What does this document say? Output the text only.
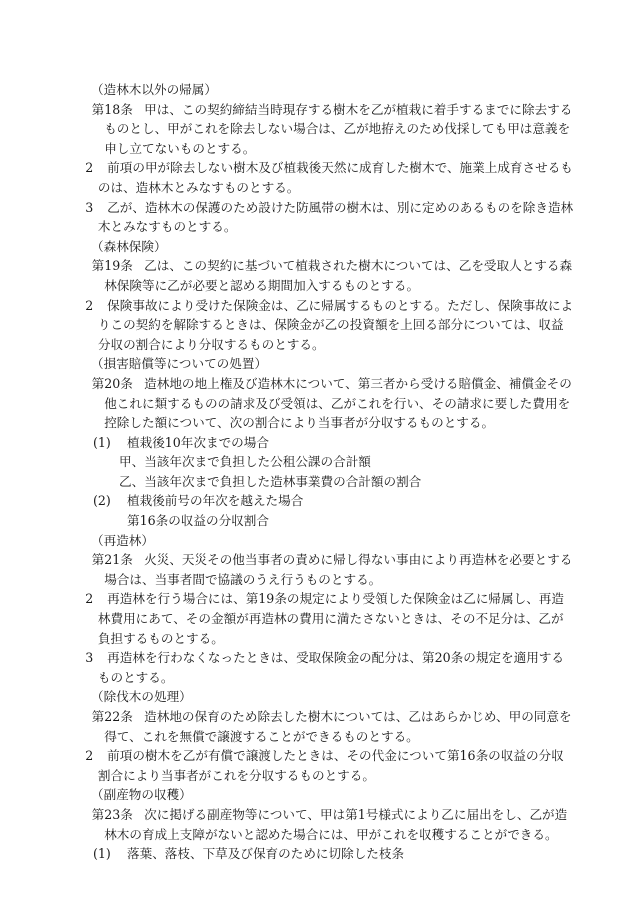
（造林木以外の帰属）
第18条 甲は、この契約締結当時現存する樹木を乙が植栽に着手するまでに除去するものとし、甲がこれを除去しない場合は、乙が地拵えのため伐採しても甲は意義を申し立てないものとする。
2 前項の甲が除去しない樹木及び植栽後天然に成育した樹木で、施業上成育させるものは、造林木とみなすものとする。
3 乙が、造林木の保護のため設けた防風帯の樹木は、別に定めのあるものを除き造林木とみなすものとする。
（森林保険）
第19条 乙は、この契約に基づいて植栽された樹木については、乙を受取人とする森林保険等に乙が必要と認める期間加入するものとする。
2 保険事故により受けた保険金は、乙に帰属するものとする。ただし、保険事故によりこの契約を解除するときは、保険金が乙の投資額を上回る部分については、収益分収の割合により分収するものとする。
（損害賠償等についての処置）
第20条 造林地の地上権及び造林木について、第三者から受ける賠償金、補償金その他これに類するものの請求及び受領は、乙がこれを行い、その請求に要した費用を控除した額について、次の割合により当事者が分収するものとする。
(1) 植栽後10年次までの場合
甲、当該年次まで負担した公租公課の合計額
乙、当該年次まで負担した造林事業費の合計額の割合
(2) 植栽後前号の年次を越えた場合
第16条の収益の分収割合
（再造林）
第21条 火災、天災その他当事者の責めに帰し得ない事由により再造林を必要とする場合は、当事者間で協議のうえ行うものとする。
2 再造林を行う場合には、第19条の規定により受領した保険金は乙に帰属し、再造林費用にあて、その金額が再造林の費用に満たさないときは、その不足分は、乙が負担するものとする。
3 再造林を行わなくなったときは、受取保険金の配分は、第20条の規定を適用するものとする。
（除伐木の処理）
第22条 造林地の保育のため除去した樹木については、乙はあらかじめ、甲の同意を得て、これを無償で譲渡することができるものとする。
2 前項の樹木を乙が有償で譲渡したときは、その代金について第16条の収益の分収割合により当事者がこれを分収するものとする。
（副産物の収穫）
第23条 次に掲げる副産物等について、甲は第1号様式により乙に届出をし、乙が造林木の育成上支障がないと認めた場合には、甲がこれを収穫することができる。
(1) 落葉、落枝、下草及び保育のために切除した枝条
